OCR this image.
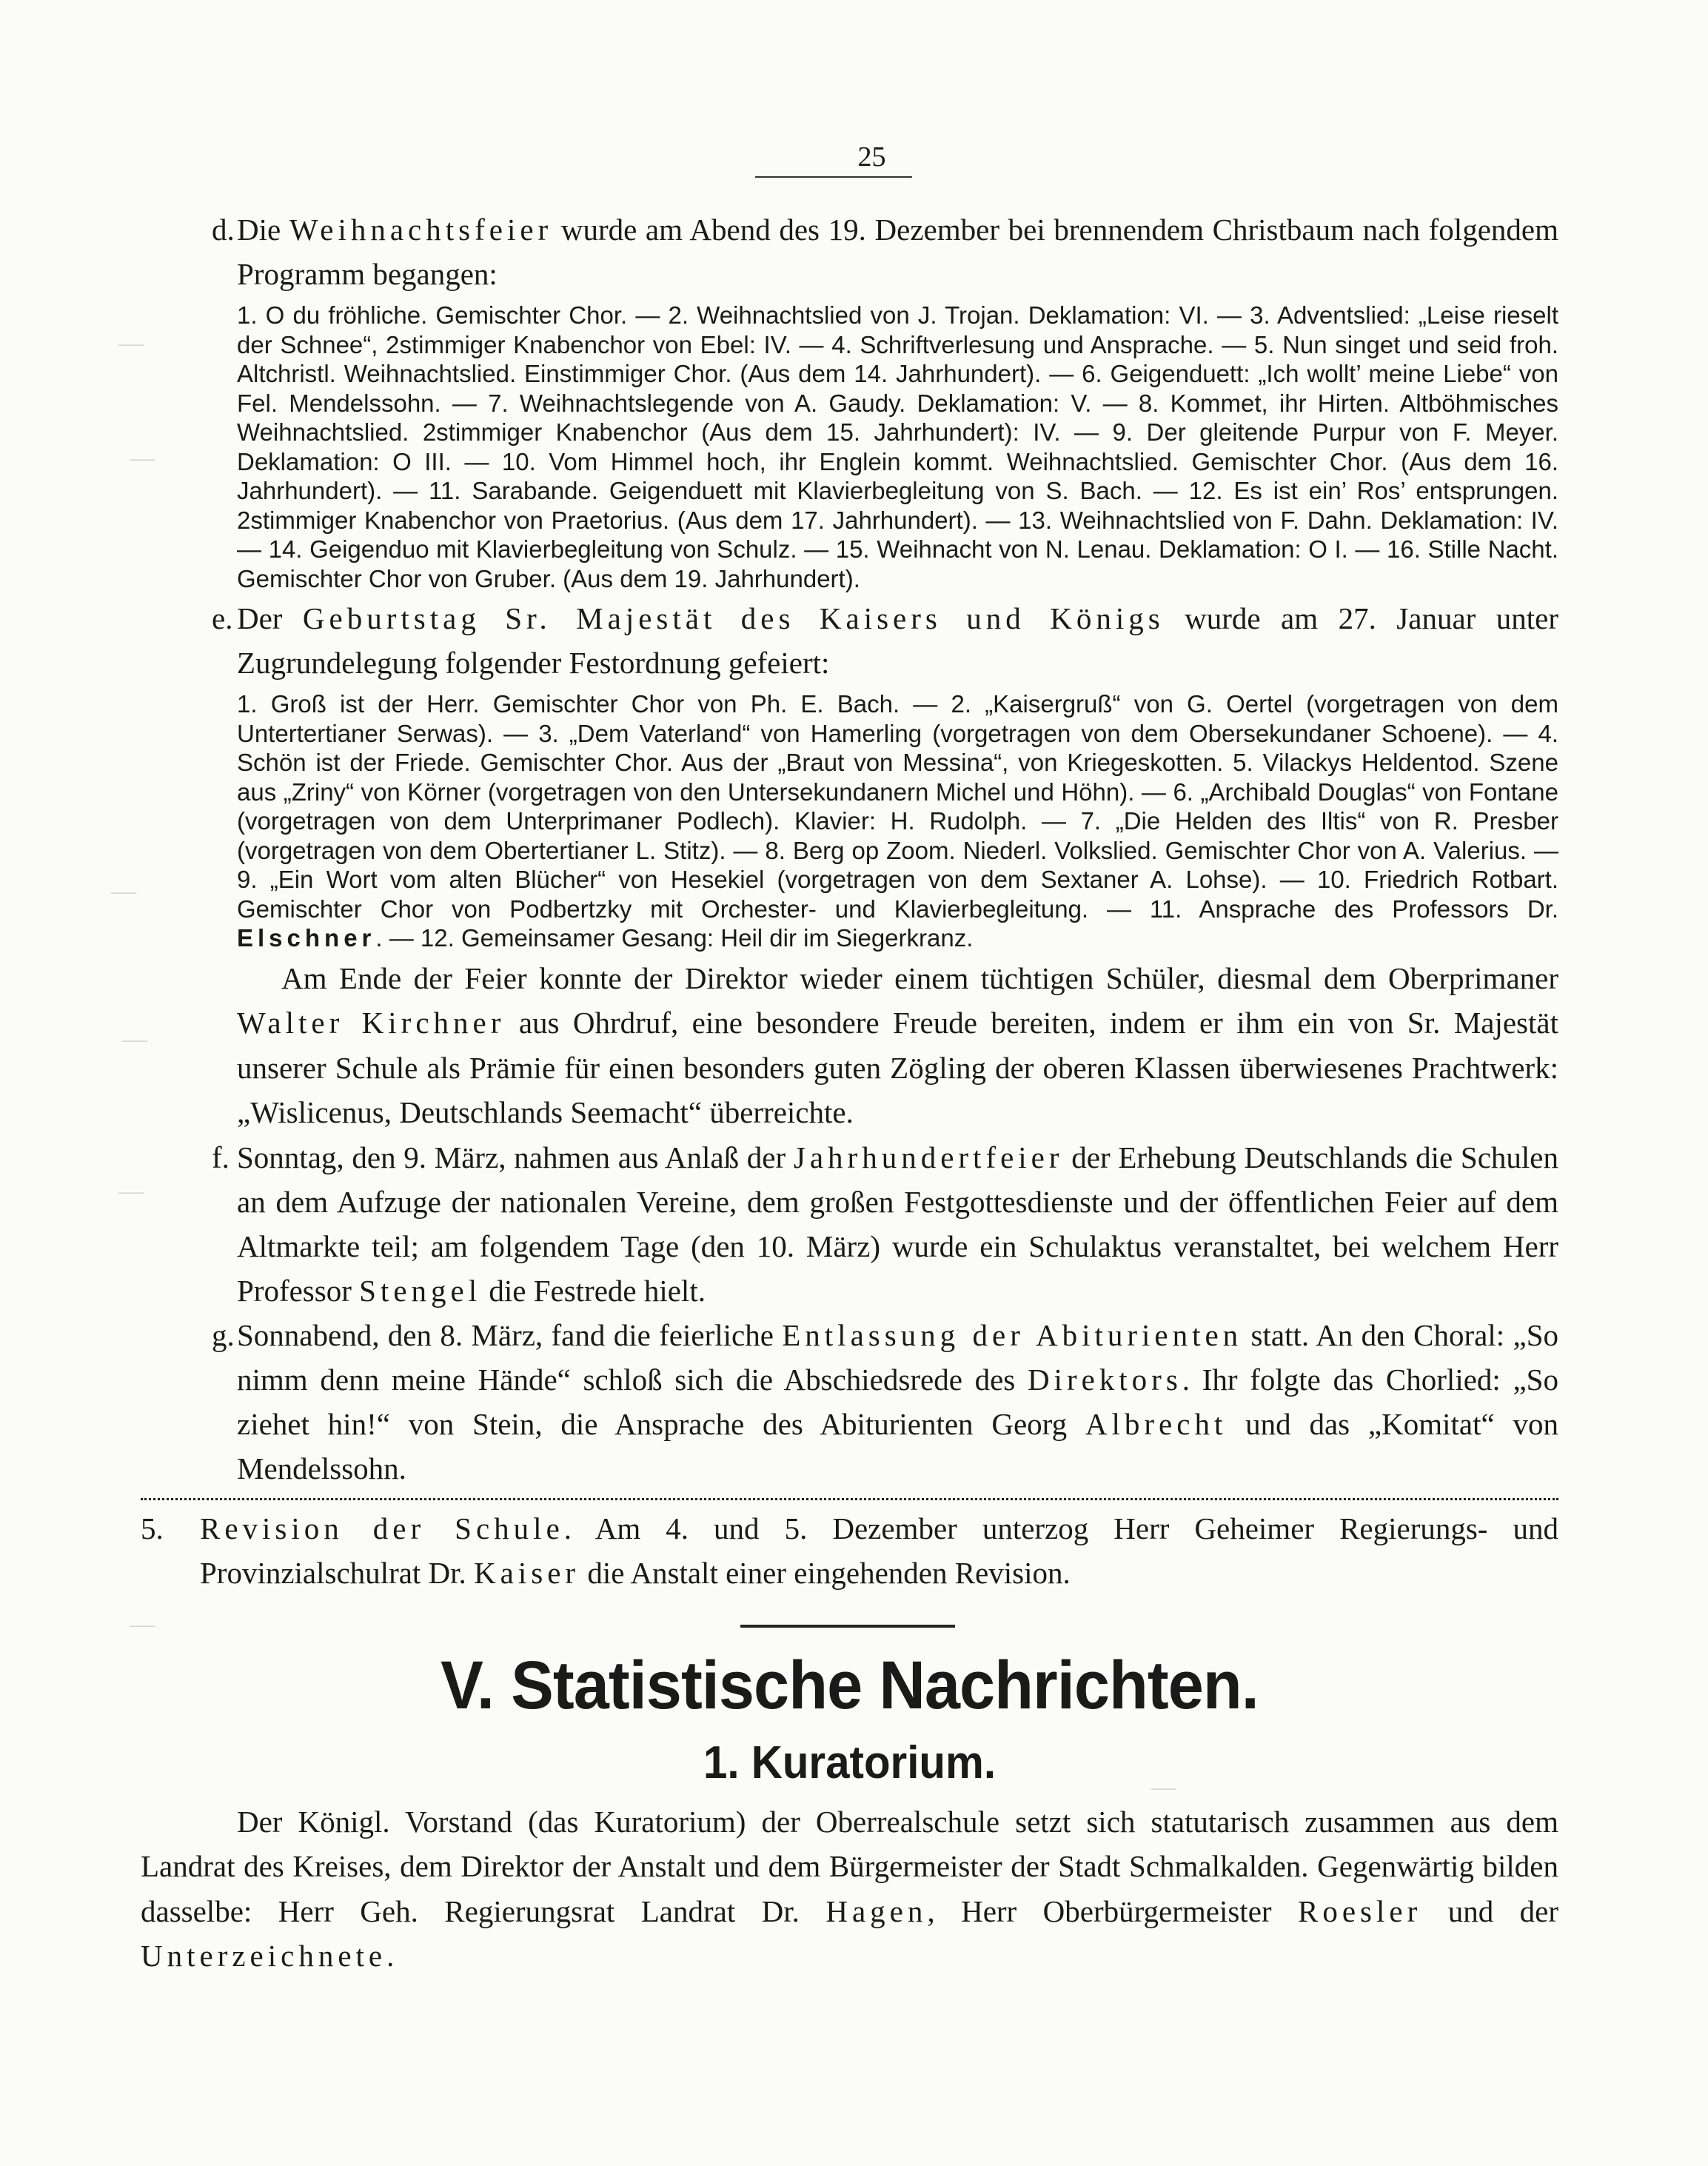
—
—
—
—
—
—
—
25
d. Die Weihnachtsfeier wurde am Abend des 19. Dezember bei brennendem Christbaum nach folgendem Programm begangen:

1. O du fröhliche. Gemischter Chor. — 2. Weihnachtslied von J. Trojan. Deklamation: VI. — 3. Adventslied: „Leise rieselt der Schnee“, 2stimmiger Knabenchor von Ebel: IV. — 4. Schriftverlesung und Ansprache. — 5. Nun singet und seid froh. Altchristl. Weihnachtslied. Einstimmiger Chor. (Aus dem 14. Jahrhundert). — 6. Geigenduett: „Ich wollt’ meine Liebe“ von Fel. Mendelssohn. — 7. Weihnachtslegende von A. Gaudy. Deklamation: V. — 8. Kommet, ihr Hirten. Altböhmisches Weihnachtslied. 2stimmiger Knabenchor (Aus dem 15. Jahrhundert): IV. — 9. Der gleitende Purpur von F. Meyer. Deklamation: O III. — 10. Vom Himmel hoch, ihr Englein kommt. Weihnachtslied. Gemischter Chor. (Aus dem 16. Jahrhundert). — 11. Sarabande. Geigenduett mit Klavierbegleitung von S. Bach. — 12. Es ist ein’ Ros’ entsprungen. 2stimmiger Knabenchor von Praetorius. (Aus dem 17. Jahrhundert). — 13. Weihnachtslied von F. Dahn. Deklamation: IV. — 14. Geigenduo mit Klavierbegleitung von Schulz. — 15. Weihnacht von N. Lenau. Deklamation: O I. — 16. Stille Nacht. Gemischter Chor von Gruber. (Aus dem 19. Jahrhundert).

e. Der Geburtstag Sr. Majestät des Kaisers und Königs wurde am 27. Januar unter Zugrundelegung folgender Festordnung gefeiert:

1. Groß ist der Herr. Gemischter Chor von Ph. E. Bach. — 2. „Kaisergruß“ von G. Oertel (vorgetragen von dem Untertertianer Serwas). — 3. „Dem Vaterland“ von Hamerling (vorgetragen von dem Obersekundaner Schoene). — 4. Schön ist der Friede. Gemischter Chor. Aus der „Braut von Messina“, von Kriegeskotten. 5. Vilackys Heldentod. Szene aus „Zriny“ von Körner (vorgetragen von den Untersekundanern Michel und Höhn). — 6. „Archibald Douglas“ von Fontane (vorgetragen von dem Unterprimaner Podlech). Klavier: H. Rudolph. — 7. „Die Helden des Iltis“ von R. Presber (vorgetragen von dem Obertertianer L. Stitz). — 8. Berg op Zoom. Niederl. Volkslied. Gemischter Chor von A. Valerius. — 9. „Ein Wort vom alten Blücher“ von Hesekiel (vorgetragen von dem Sextaner A. Lohse). — 10. Friedrich Rotbart. Gemischter Chor von Podbertzky mit Orchester- und Klavierbegleitung. — 11. Ansprache des Professors Dr. Elschner. — 12. Gemeinsamer Gesang: Heil dir im Siegerkranz.

Am Ende der Feier konnte der Direktor wieder einem tüchtigen Schüler, diesmal dem Oberprimaner Walter Kirchner aus Ohrdruf, eine besondere Freude bereiten, indem er ihm ein von Sr. Majestät unserer Schule als Prämie für einen besonders guten Zögling der oberen Klassen überwiesenes Prachtwerk: „Wislicenus, Deutschlands Seemacht“ überreichte.

f. Sonntag, den 9. März, nahmen aus Anlaß der Jahrhundertfeier der Erhebung Deutschlands die Schulen an dem Aufzuge der nationalen Vereine, dem großen Festgottesdienste und der öffentlichen Feier auf dem Altmarkte teil; am folgendem Tage (den 10. März) wurde ein Schulaktus veranstaltet, bei welchem Herr Professor Stengel die Festrede hielt.

g. Sonnabend, den 8. März, fand die feierliche Entlassung der Abiturienten statt. An den Choral: „So nimm denn meine Hände“ schloß sich die Abschiedsrede des Direktors. Ihr folgte das Chorlied: „So ziehet hin!“ von Stein, die Ansprache des Abiturienten Georg Albrecht und das „Komitat“ von Mendelssohn.

5. Revision der Schule. Am 4. und 5. Dezember unterzog Herr Geheimer Regierungs- und Provinzialschulrat Dr. Kaiser die Anstalt einer eingehenden Revision.

V. Statistische Nachrichten.
1. Kuratorium.

Der Königl. Vorstand (das Kuratorium) der Oberrealschule setzt sich statutarisch zusammen aus dem Landrat des Kreises, dem Direktor der Anstalt und dem Bürgermeister der Stadt Schmalkalden. Gegenwärtig bilden dasselbe: Herr Geh. Regierungsrat Landrat Dr. Hagen, Herr Oberbürgermeister Roesler und der Unterzeichnete.
